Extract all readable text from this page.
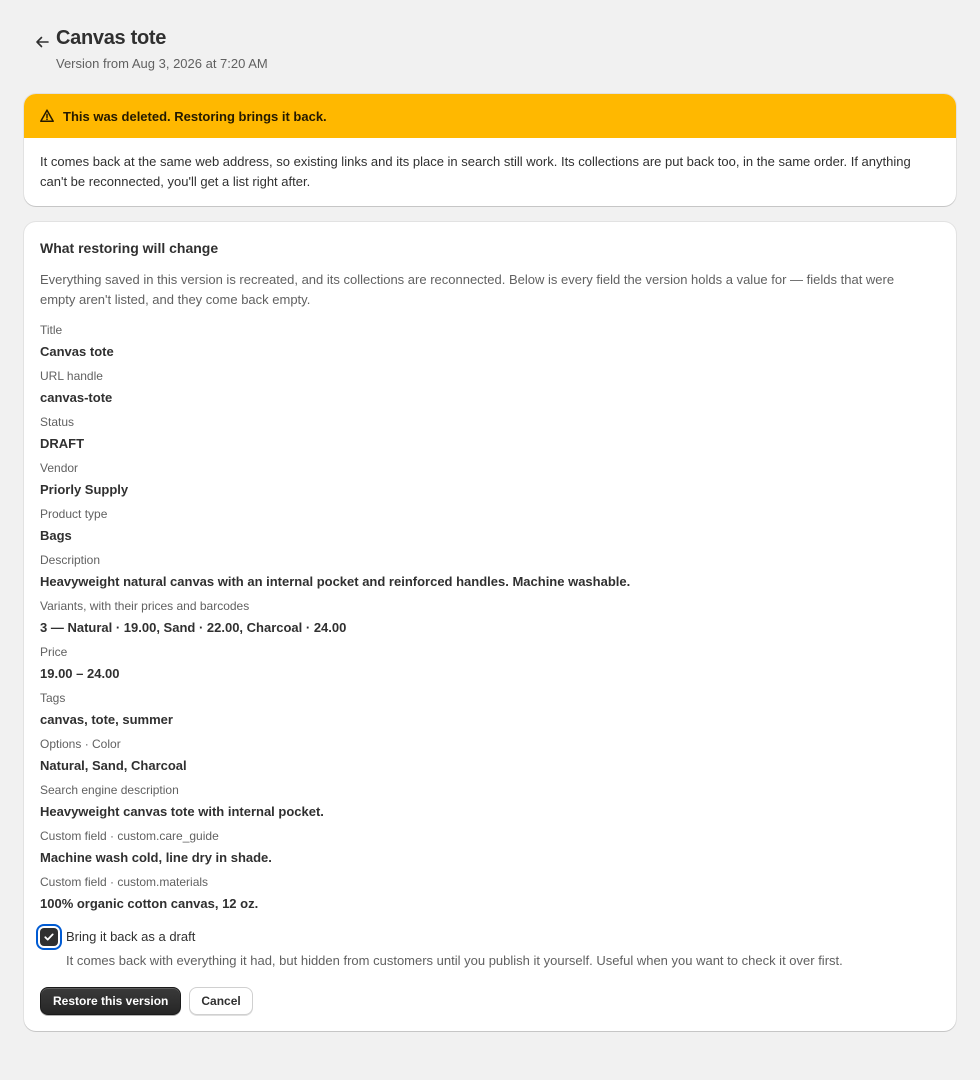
Canvas tote
Version from Aug 3, 2026 at 7:20 AM
This was deleted. Restoring brings it back.
It comes back at the same web address, so existing links and its place in search still work. Its collections are put back too, in the same order. If anything can't be reconnected, you'll get a list right after.
What restoring will change
Everything saved in this version is recreated, and its collections are reconnected. Below is every field the version holds a value for — fields that were empty aren't listed, and they come back empty.
Title
Canvas tote
URL handle
canvas-tote
Status
DRAFT
Vendor
Priorly Supply
Product type
Bags
Description
Heavyweight natural canvas with an internal pocket and reinforced handles. Machine washable.
Variants, with their prices and barcodes
3 — Natural · 19.00, Sand · 22.00, Charcoal · 24.00
Price
19.00 – 24.00
Tags
canvas, tote, summer
Options · Color
Natural, Sand, Charcoal
Search engine description
Heavyweight canvas tote with internal pocket.
Custom field · custom.care_guide
Machine wash cold, line dry in shade.
Custom field · custom.materials
100% organic cotton canvas, 12 oz.
Bring it back as a draft
It comes back with everything it had, but hidden from customers until you publish it yourself. Useful when you want to check it over first.
Restore this version	Cancel
